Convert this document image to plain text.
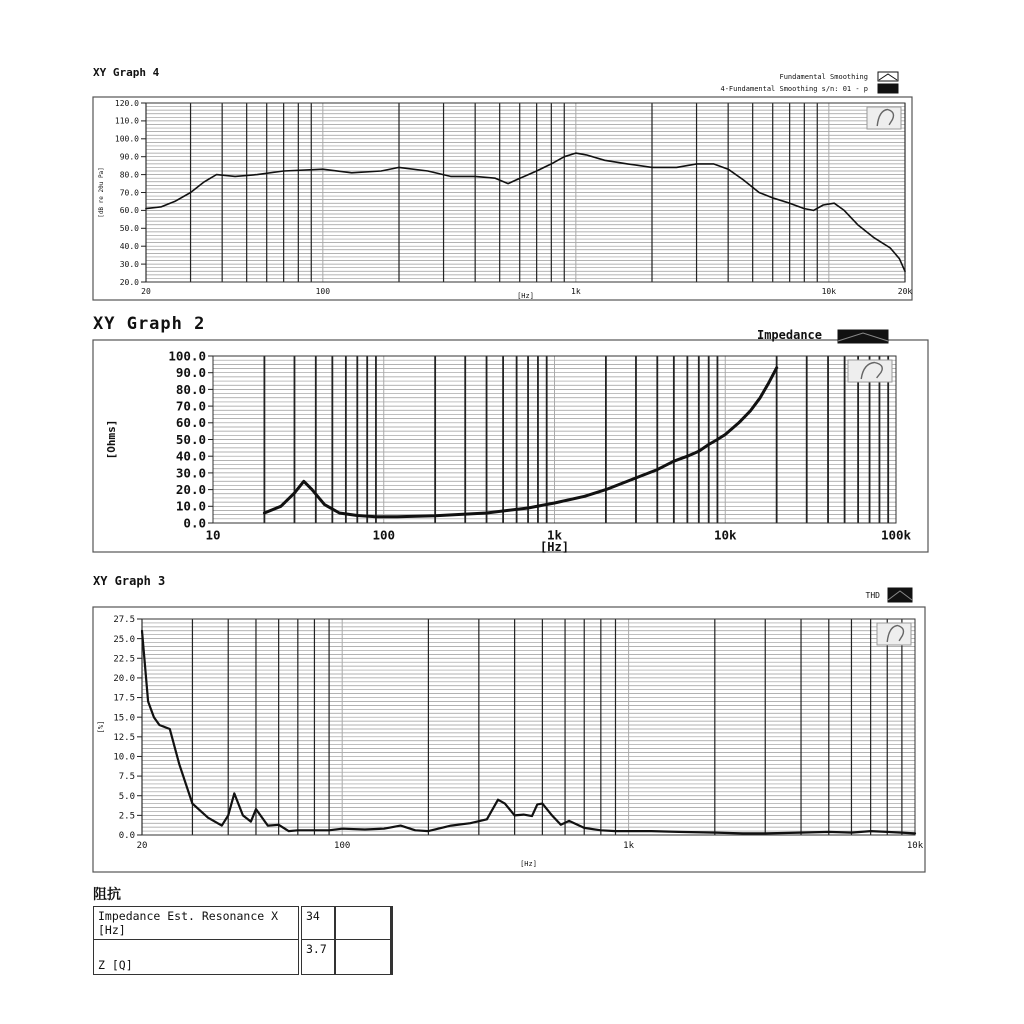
XY Graph 4
XY Graph 2
XY Graph 3
20.0
30.0
40.0
50.0
60.0
70.0
80.0
90.0
100.0
110.0
120.0
20	100	1k	10k	20k
[Hz]
[dB re 20u Pa]
Fundamental Smoothing
4-Fundamental Smoothing s/n: 01 - p
0.0
10.0
20.0
30.0
40.0
50.0
60.0
70.0
80.0
90.0
100.0
10	100	1k	10k	100k
[Hz]
[Ohms]
Impedance
0.0
2.5
5.0
7.5
10.0
12.5
15.0
17.5
20.0
22.5
25.0
27.5
20	100	1k	10k
[Hz]
[%]
THD
阻抗
Impedance Est. Resonance X [Hz]	34	
Z [Q]	3.7	
